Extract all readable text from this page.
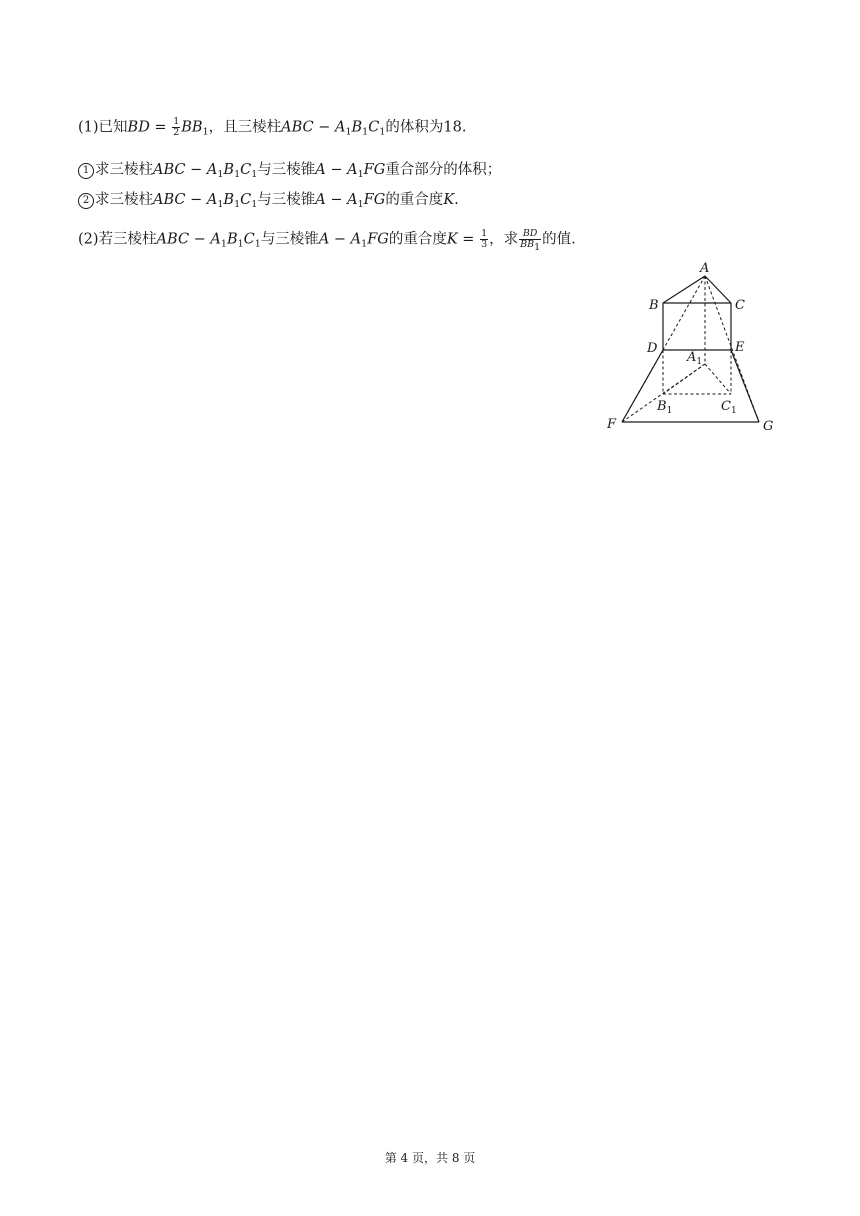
(1)已知BD = $\frac{1}{2} BB_1$，且三棱柱ABC − $A_1B_1C_1$的体积为18.
1 求三棱柱ABC − $A_1B_1C_1$与三棱锥$A - A_1FG$重合部分的体积；
2 求三棱柱ABC − $A_1B_1C_1$与三棱锥$A - A_1FG$的重合度K.
(2)若三棱柱ABC − $A_1B_1C_1$与三棱锥$A - A_1FG$的重合度$K = \frac{1}{3}$ ，求 $\frac{BD}{BB_1}$ 的值.
A
B	C
D	E
$A_1$
$B_1$	$C_1$
F	G
第 4 页，共 8 页
